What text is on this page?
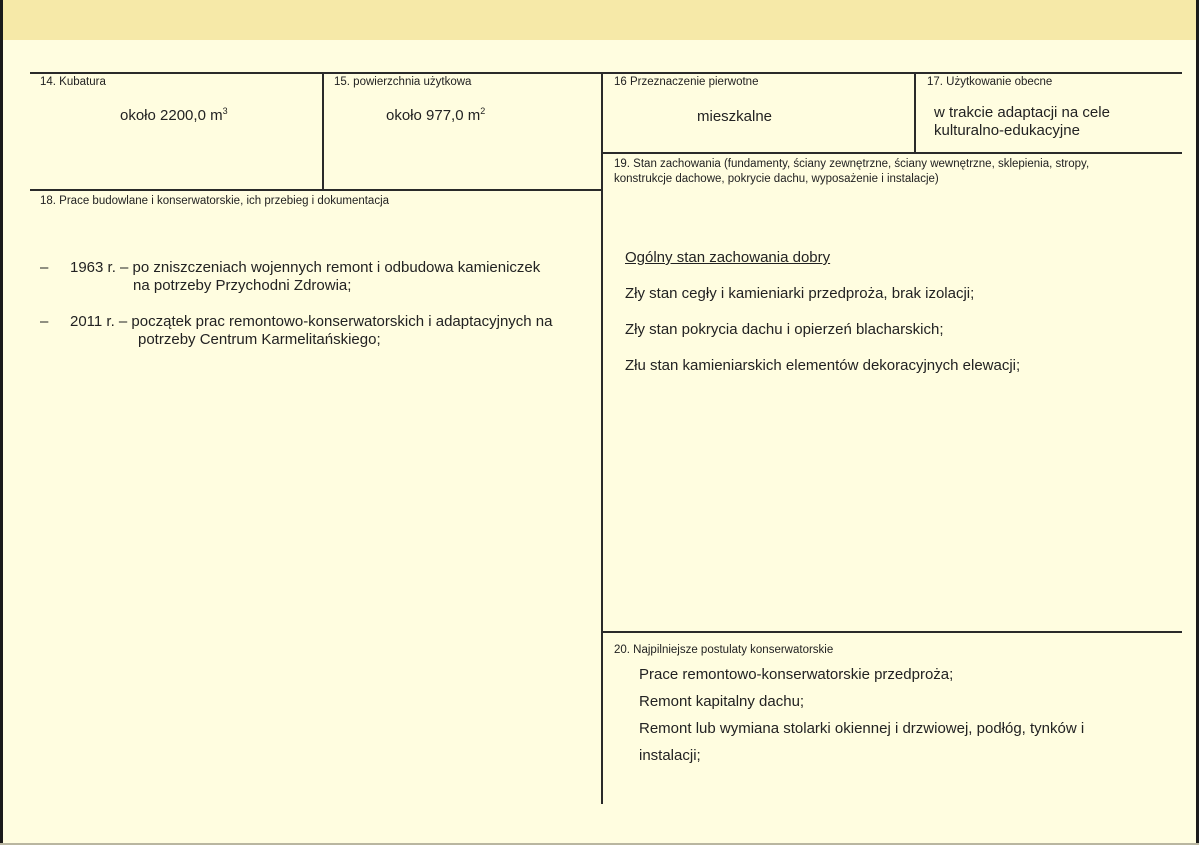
14. Kubatura
około 2200,0 $m^3$
15. powierzchnia użytkowa
około 977,0 $m^2$
16 Przeznaczenie pierwotne
mieszkalne
17. Użytkowanie obecne
w trakcie adaptacji na cele
kulturalno-edukacyjne
19. Stan zachowania (fundamenty, ściany zewnętrzne, ściany wewnętrzne, sklepienia, stropy,
konstrukcje dachowe, pokrycie dachu, wyposażenie i instalacje)
Ogólny stan zachowania dobry
Zły stan cegły i kamieniarki przedproża, brak izolacji;
Zły stan pokrycia dachu i opierzeń blacharskich;
Złu stan kamieniarskich elementów dekoracyjnych elewacji;
18. Prace budowlane i konserwatorskie, ich przebieg i dokumentacja
– 1963 r. – po zniszczeniach wojennych remont i odbudowa kamieniczek
na potrzeby Przychodni Zdrowia;
– 2011 r. – początek prac remontowo-konserwatorskich i adaptacyjnych na
potrzeby Centrum Karmelitańskiego;
20. Najpilniejsze postulaty konserwatorskie
Prace remontowo-konserwatorskie przedproża;
Remont kapitalny dachu;
Remont lub wymiana stolarki okiennej i drzwiowej, podłóg, tynków i
instalacji;
